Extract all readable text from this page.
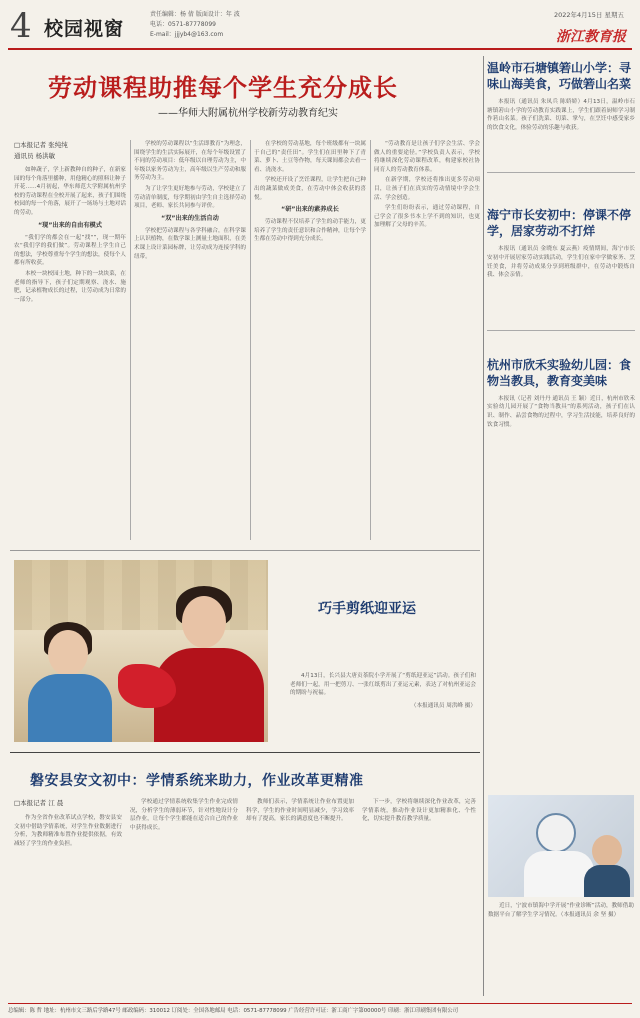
4 校园视窗
责任编辑：杨 倩 版面设计：年 波
电话：0571-87778099
E-mail：jjjyb4@163.com
2022年4月15日 星期五
浙江教育报
劳动课程助推每个学生充分成长
——华师大附属杭州学校新劳动教育纪实
□本报记者 张纯纯
通讯员 杨洪敏

如种蔬子，学上新教种自的种子，在新家园的每个角落里播种，用他精心的照料让种子开花……4月初起，华东师范大学附属杭州学校的劳动课程在全校开展了起来，孩子们围绕校园的每一个角落，展开了一场场与土地对话的劳动。

“现”出来的自由有模式

“我们学的都会在一起”找“”，现一期年农“我们学的我们做”。劳动课程上学生自己的想法，学校尊重每个学生的想法，使每个人都有所收获。

本校一块校园土地，种下的一块块菜，在老师的指导下，孩子们定期观察、浇水、施肥，记录植物成长的过程，让劳动成为日常的一部分。

学校的劳动课程以“生活即教育”为理念，围绕学生的生活实际展开，在每个年级设置了不同的劳动项目：低年级以自理劳动为主，中年级以家务劳动为主，高年级以生产劳动和服务劳动为主。

为了让学生更好地参与劳动，学校建立了劳动清单制度，每学期初由学生自主选择劳动项目，老师、家长共同参与评价。

“双”出来的生活自动

学校把劳动课程与各学科融合，在科学课上认识植物，在数学课上测量土地面积，在美术课上设计菜园标牌，让劳动成为连接学科的纽带。

在学校的劳动基地，每个班级都有一块属于自己的“责任田”。学生们在田里种下了青菜、萝卜、土豆等作物，每天课间都会去看一看、浇浇水。

学校还开设了烹饪课程，让学生把自己种出的蔬菜做成美食，在劳动中体会收获的喜悦。

“研”出来的素养成长

劳动课程不仅培养了学生的动手能力，更培养了学生的责任意识和合作精神，让每个学生都在劳动中得到充分成长。

“劳动教育是让孩子们学会生活、学会做人的重要途径。”学校负责人表示，学校将继续深化劳动课程改革，构建家校社协同育人的劳动教育体系。

在新学期，学校还将推出更多劳动项目，让孩子们在真实的劳动情境中学会生活、学会创造。

学生们纷纷表示，通过劳动课程，自己学会了很多书本上学不到的知识，也更加理解了父母的辛苦。

温岭市石塘镇箬山小学：寻味山海美食，巧做箬山名菜

本报讯（通讯员 朱凤兵 陈娇娇）4月13日，温岭市石塘镇箬山小学的劳动教育实践课上，学生们跟着厨师学习制作箬山名菜。孩子们洗菜、切菜、掌勺，在烹饪中感受家乡的饮食文化，体验劳动的乐趣与收获。

海宁市长安初中：停课不停学，居家劳动不打烊

本报讯（通讯员 金晓东 夏云燕）疫情期间，海宁市长安初中开展居家劳动实践活动，学生们在家中学做家务、烹饪美食，并将劳动成果分享到班级群中，在劳动中锻炼自我、体会亲情。

杭州市欣禾实验幼儿园：食物当教具，教育变美味

本报讯（记者 刘丹丹 通讯员 王 颖）近日，杭州市欣禾实验幼儿园开展了“食物当教具”的系列活动，孩子们在认识、制作、品尝食物的过程中，学习生活技能，培养良好的饮食习惯。

巧手剪纸迎亚运

4月13日，长兴县大唐贡茶院小学开展了“剪纸迎亚运”活动。孩子们和老师们一起，用一把剪刀、一张红纸剪出了亚运元素，表达了对杭州亚运会的期盼与祝福。

（本报通讯员 周洪峰 摄）

磐安县安文初中：学情系统来助力，作业改革更精准
□本报记者 江 晨

作为全省作业改革试点学校，磐安县安文初中借助学情系统，对学生作业数据进行分析，为教师精准布置作业提供依据，有效减轻了学生的作业负担。

学校通过学情系统收集学生作业完成情况，分析学生的薄弱环节，针对性地设计分层作业，让每个学生都能在适合自己的作业中获得成长。

教师们表示，学情系统让作业布置更加科学，学生的作业时间明显减少，学习效率却有了提高，家长的满意度也不断提升。

下一步，学校将继续深化作业改革，完善学情系统，推动作业设计更加精准化、个性化，切实提升教育教学质量。

近日，宁波市镇海中学开展“作业诊断”活动，教师借助数据平台了解学生学习情况。（本报通讯员 余 坚 摄）

总编辑：陈 哲 地址：杭州市文三路后学路47号 邮政编码：310012 订阅处：全国各地邮局 电话：0571-87778099 广告经营许可证：浙工商广字第00000号 印刷：浙江印刷集团有限公司
